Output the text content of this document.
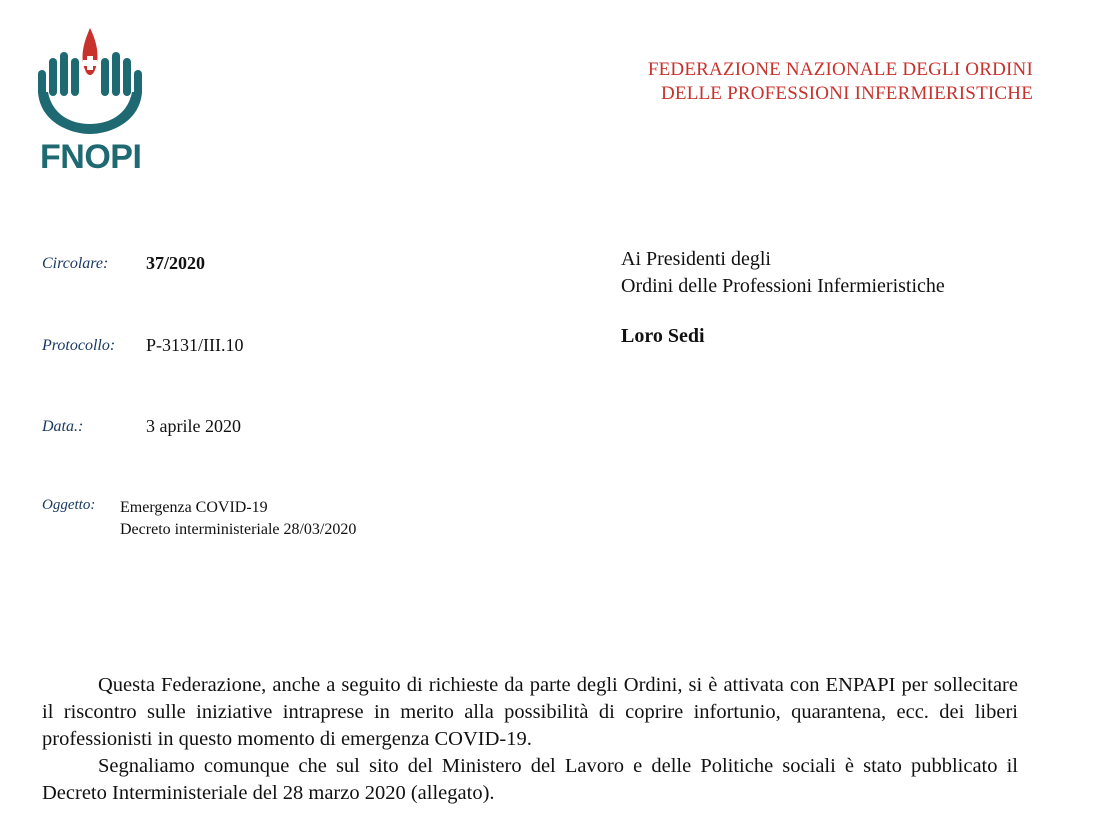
FNOPI
FEDERAZIONE NAZIONALE DEGLI ORDINI
DELLE PROFESSIONI INFERMIERISTICHE
Circolare: 37/2020
Protocollo: P-3131/III.10
Data.:	3 aprile 2020
Oggetto: Emergenza COVID-19
Decreto interministeriale 28/03/2020
Ai Presidenti degli
Ordini delle Professioni Infermieristiche
Loro Sedi

Questa Federazione, anche a seguito di richieste da parte degli Ordini, si è attivata con ENPAPI per sollecitare il riscontro sulle iniziative intraprese in merito alla possibilità di coprire infortunio, quarantena, ecc. dei liberi professionisti in questo momento di emergenza COVID-19.

Segnaliamo comunque che sul sito del Ministero del Lavoro e delle Politiche sociali è stato pubblicato il Decreto Interministeriale del 28 marzo 2020 (allegato).
